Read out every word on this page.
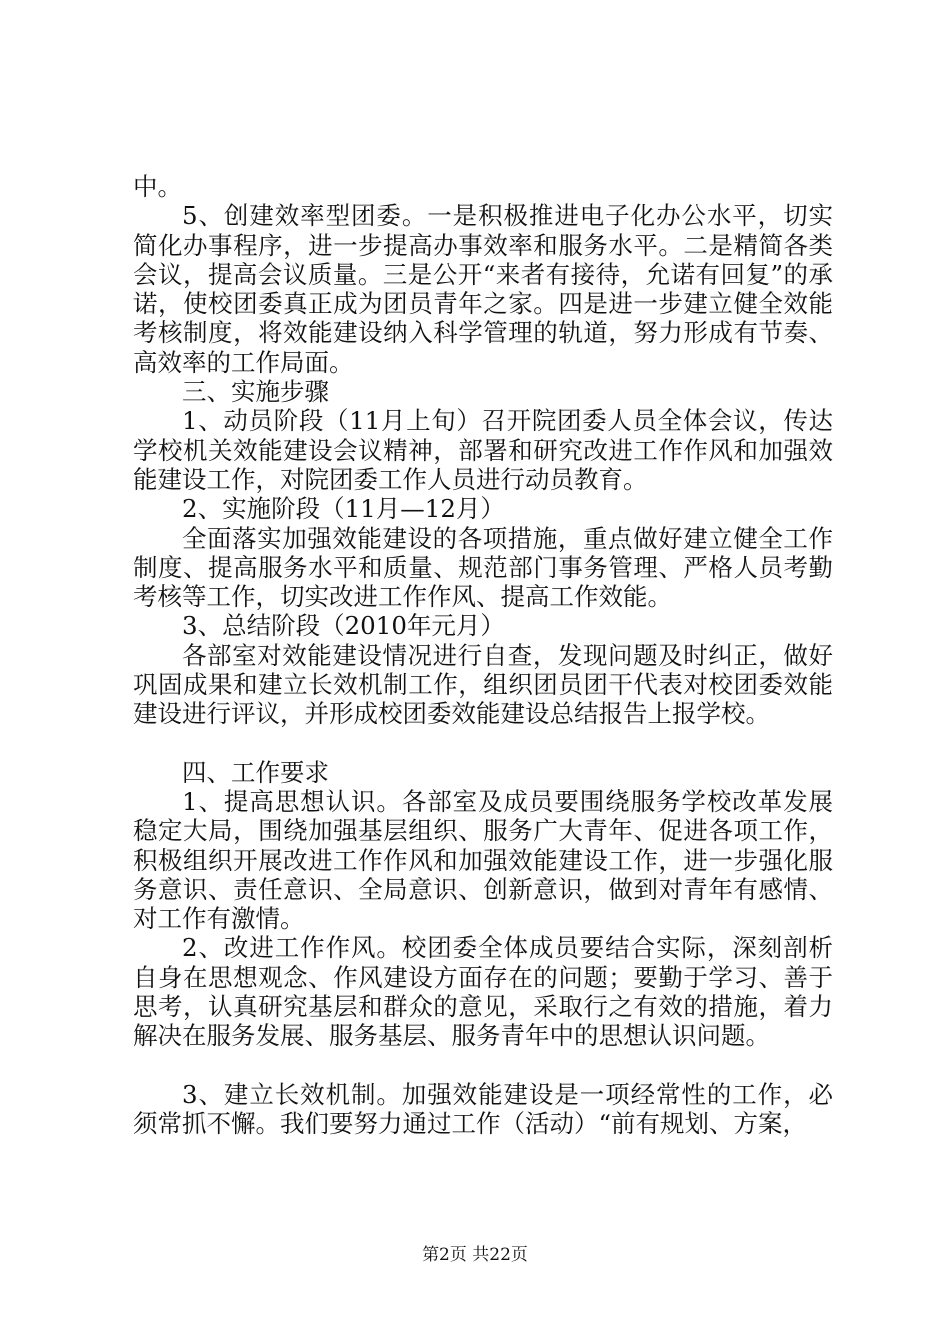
中。

5、创建效率型团委。一是积极推进电子化办公水平，切实简化办事程序，进一步提高办事效率和服务水平。二是精简各类会议，提高会议质量。三是公开“来者有接待，允诺有回复”的承诺，使校团委真正成为团员青年之家。四是进一步建立健全效能考核制度，将效能建设纳入科学管理的轨道，努力形成有节奏、高效率的工作局面。

三、实施步骤

1、动员阶段（11月上旬）召开院团委人员全体会议，传达学校机关效能建设会议精神，部署和研究改进工作作风和加强效能建设工作，对院团委工作人员进行动员教育。

2、实施阶段（11月—12月）

全面落实加强效能建设的各项措施，重点做好建立健全工作制度、提高服务水平和质量、规范部门事务管理、严格人员考勤考核等工作，切实改进工作作风、提高工作效能。

3、总结阶段（2010年元月）

各部室对效能建设情况进行自查，发现问题及时纠正，做好巩固成果和建立长效机制工作，组织团员团干代表对校团委效能建设进行评议，并形成校团委效能建设总结报告上报学校。

四、工作要求

1、提高思想认识。各部室及成员要围绕服务学校改革发展稳定大局，围绕加强基层组织、服务广大青年、促进各项工作，积极组织开展改进工作作风和加强效能建设工作，进一步强化服务意识、责任意识、全局意识、创新意识，做到对青年有感情、对工作有激情。

2、改进工作作风。校团委全体成员要结合实际，深刻剖析自身在思想观念、作风建设方面存在的问题；要勤于学习、善于思考，认真研究基层和群众的意见，采取行之有效的措施，着力解决在服务发展、服务基层、服务青年中的思想认识问题。

3、建立长效机制。加强效能建设是一项经常性的工作，必须常抓不懈。我们要努力通过工作（活动）“前有规划、方案，

第2页 共22页
